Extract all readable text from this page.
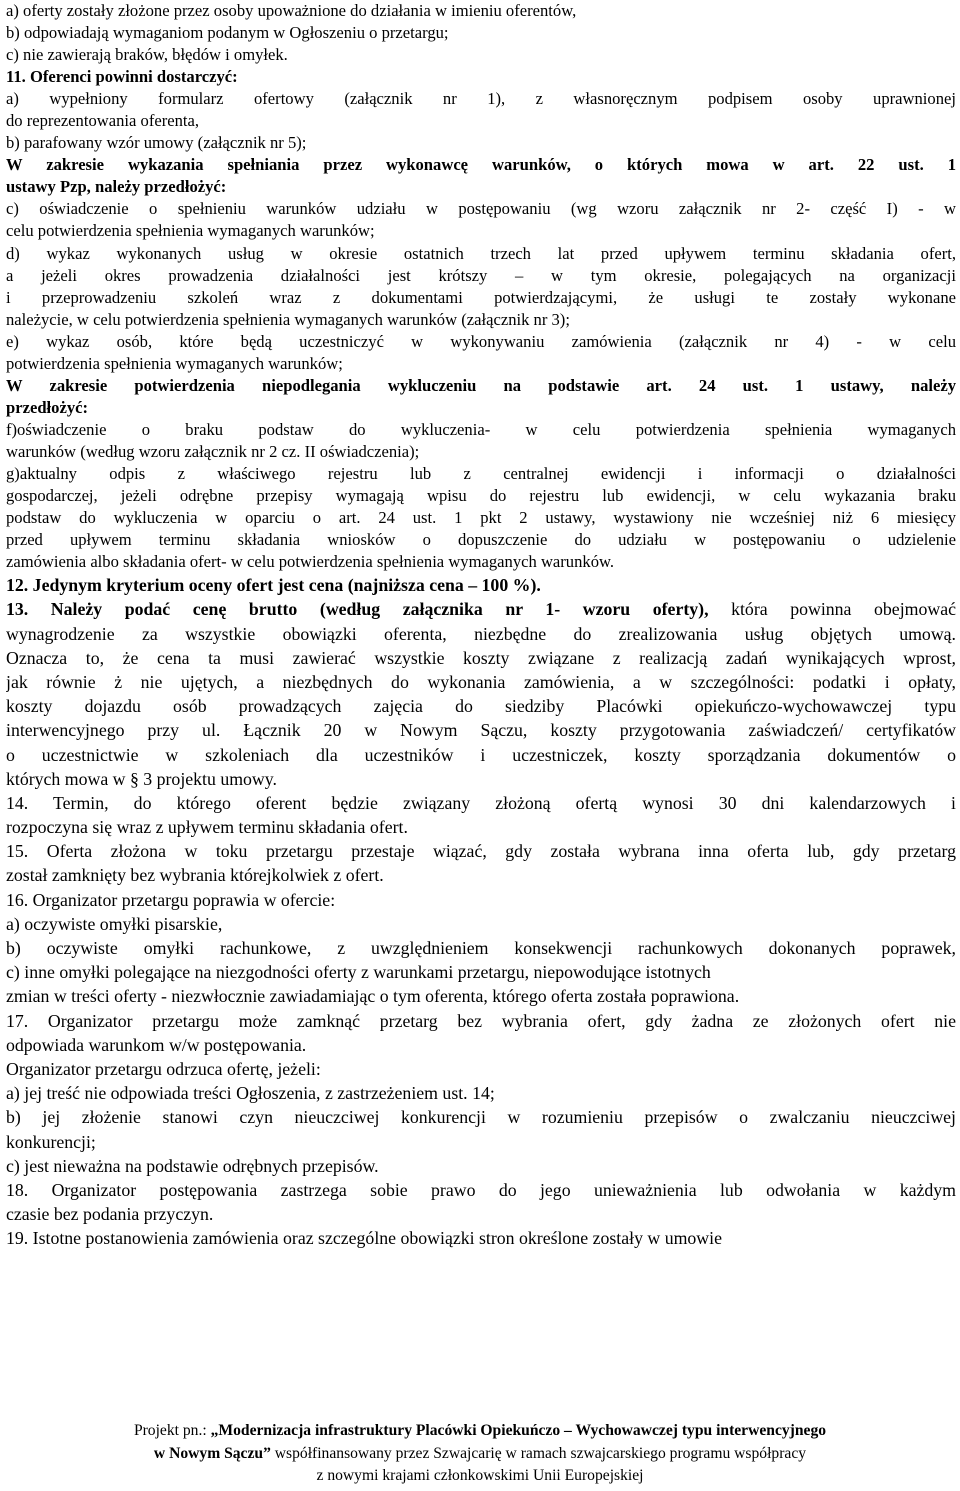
a) oferty zostały złożone przez osoby upoważnione do działania w imieniu oferentów,
b) odpowiadają wymaganiom podanym w Ogłoszeniu o przetargu;
c) nie zawierają braków, błędów i omyłek.
11. Oferenci powinni dostarczyć:
a) wypełniony formularz ofertowy (załącznik nr 1), z własnoręcznym podpisem osoby uprawnionej
do reprezentowania oferenta,
b) parafowany wzór umowy (załącznik nr 5);
W zakresie wykazania spełniania przez wykonawcę warunków, o których mowa w art. 22 ust. 1
ustawy Pzp, należy przedłożyć:
c) oświadczenie o spełnieniu warunków udziału w postępowaniu (wg wzoru załącznik nr 2- część I) - w
celu potwierdzenia spełnienia wymaganych warunków;
d) wykaz wykonanych usług w okresie ostatnich trzech lat przed upływem terminu składania ofert,
a jeżeli okres prowadzenia działalności jest krótszy – w tym okresie, polegających na organizacji
i przeprowadzeniu szkoleń wraz z dokumentami potwierdzającymi, że usługi te zostały wykonane
należycie, w celu potwierdzenia spełnienia wymaganych warunków (załącznik nr 3);
e) wykaz osób, które będą uczestniczyć w wykonywaniu zamówienia (załącznik nr 4) - w celu
potwierdzenia spełnienia wymaganych warunków;
W zakresie potwierdzenia niepodlegania wykluczeniu na podstawie art. 24 ust. 1 ustawy, należy
przedłożyć:
f)oświadczenie o braku podstaw do wykluczenia- w celu potwierdzenia spełnienia wymaganych
warunków (według wzoru załącznik nr 2 cz. II oświadczenia);
g)aktualny odpis z właściwego rejestru lub z centralnej ewidencji i informacji o działalności
gospodarczej, jeżeli odrębne przepisy wymagają wpisu do rejestru lub ewidencji, w celu wykazania braku
podstaw do wykluczenia w oparciu o art. 24 ust. 1 pkt 2 ustawy, wystawiony nie wcześniej niż 6 miesięcy
przed upływem terminu składania wniosków o dopuszczenie do udziału w postępowaniu o udzielenie
zamówienia albo składania ofert- w celu potwierdzenia spełnienia wymaganych warunków.
12. Jedynym kryterium oceny ofert jest cena (najniższa cena – 100 %).
13. Należy podać cenę brutto (według załącznika nr 1- wzoru oferty), która powinna obejmować
wynagrodzenie za wszystkie obowiązki oferenta, niezbędne do zrealizowania usług objętych umową.
Oznacza to, że cena ta musi zawierać wszystkie koszty związane z realizacją zadań wynikających wprost,
jak równie ż nie ujętych, a niezbędnych do wykonania zamówienia, a w szczególności: podatki i opłaty,
koszty dojazdu osób prowadzących zajęcia do siedziby Placówki opiekuńczo-wychowawczej typu
interwencyjnego przy ul. Łącznik 20 w Nowym Sączu, koszty przygotowania zaświadczeń/ certyfikatów
o uczestnictwie w szkoleniach dla uczestników i uczestniczek, koszty sporządzania dokumentów o
których mowa w § 3 projektu umowy.
14. Termin, do którego oferent będzie związany złożoną ofertą wynosi 30 dni kalendarzowych i
rozpoczyna się wraz z upływem terminu składania ofert.
15. Oferta złożona w toku przetargu przestaje wiązać, gdy została wybrana inna oferta lub, gdy przetarg
został zamknięty bez wybrania którejkolwiek z ofert.
16. Organizator przetargu poprawia w ofercie:
a) oczywiste omyłki pisarskie,
b) oczywiste omyłki rachunkowe, z uwzględnieniem konsekwencji rachunkowych dokonanych poprawek,
c) inne omyłki polegające na niezgodności oferty z warunkami przetargu, niepowodujące istotnych
zmian w treści oferty - niezwłocznie zawiadamiając o tym oferenta, którego oferta została poprawiona.
17. Organizator przetargu może zamknąć przetarg bez wybrania ofert, gdy żadna ze złożonych ofert nie
odpowiada warunkom w/w postępowania.
Organizator przetargu odrzuca ofertę, jeżeli:
a) jej treść nie odpowiada treści Ogłoszenia, z zastrzeżeniem ust. 14;
b) jej złożenie stanowi czyn nieuczciwej konkurencji w rozumieniu przepisów o zwalczaniu nieuczciwej
konkurencji;
c) jest nieważna na podstawie odrębnych przepisów.
18. Organizator postępowania zastrzega sobie prawo do jego unieważnienia lub odwołania w każdym
czasie bez podania przyczyn.
19. Istotne postanowienia zamówienia oraz szczególne obowiązki stron określone zostały w umowie
Projekt pn.: „Modernizacja infrastruktury Placówki Opiekuńczo – Wychowawczej typu interwencyjnego
w Nowym Sączu” współfinansowany przez Szwajcarię w ramach szwajcarskiego programu współpracy
z nowymi krajami członkowskimi Unii Europejskiej
